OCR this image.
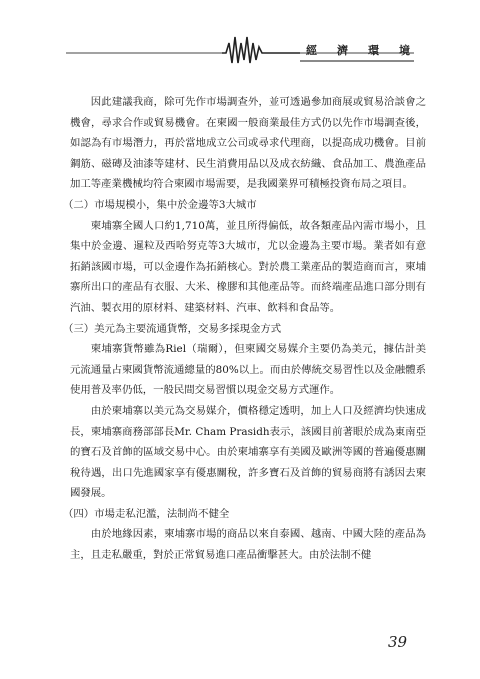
經 濟 環 境

因此建議我商，除可先作市場調查外，並可透過參加商展或貿易洽談會之機會，尋求合作或貿易機會。在柬國一般商業最佳方式仍以先作市場調查後，如認為有市場潛力，再於當地成立公司或尋求代理商，以提高成功機會。目前鋼筋、磁磚及油漆等建材、民生消費用品以及成衣紡織、食品加工、農漁產品加工等產業機械均符合柬國市場需要，是我國業界可積極投資布局之項目。

（二）市場規模小，集中於金邊等3大城市

柬埔寨全國人口約1,710萬，並且所得偏低，故各類產品內需市場小，且集中於金邊、暹粒及西哈努克等3大城市，尤以金邊為主要市場。業者如有意拓銷該國市場，可以金邊作為拓銷核心。對於農工業產品的製造商而言，柬埔寨所出口的產品有衣服、大米、橡膠和其他產品等。而終端產品進口部分則有汽油、製衣用的原材料、建築材料、汽車、飲料和食品等。

（三）美元為主要流通貨幣，交易多採現金方式

柬埔寨貨幣雖為Riel（瑞爾），但柬國交易媒介主要仍為美元，據估計美元流通量占柬國貨幣流通總量的80%以上。而由於傳統交易習性以及金融體系使用普及率仍低，一般民間交易習慣以現金交易方式運作。

由於柬埔寨以美元為交易媒介，價格穩定透明，加上人口及經濟均快速成長，柬埔寨商務部部長Mr. Cham Prasidh表示，該國目前著眼於成為東南亞的寶石及首飾的區域交易中心。由於柬埔寨享有美國及歐洲等國的普遍優惠關稅待遇，出口先進國家享有優惠關稅，許多寶石及首飾的貿易商將有誘因去柬國發展。

（四）市場走私氾濫，法制尚不健全

由於地緣因素，柬埔寨市場的商品以來自泰國、越南、中國大陸的產品為主，且走私嚴重，對於正常貿易進口產品衝擊甚大。由於法制不健

39
